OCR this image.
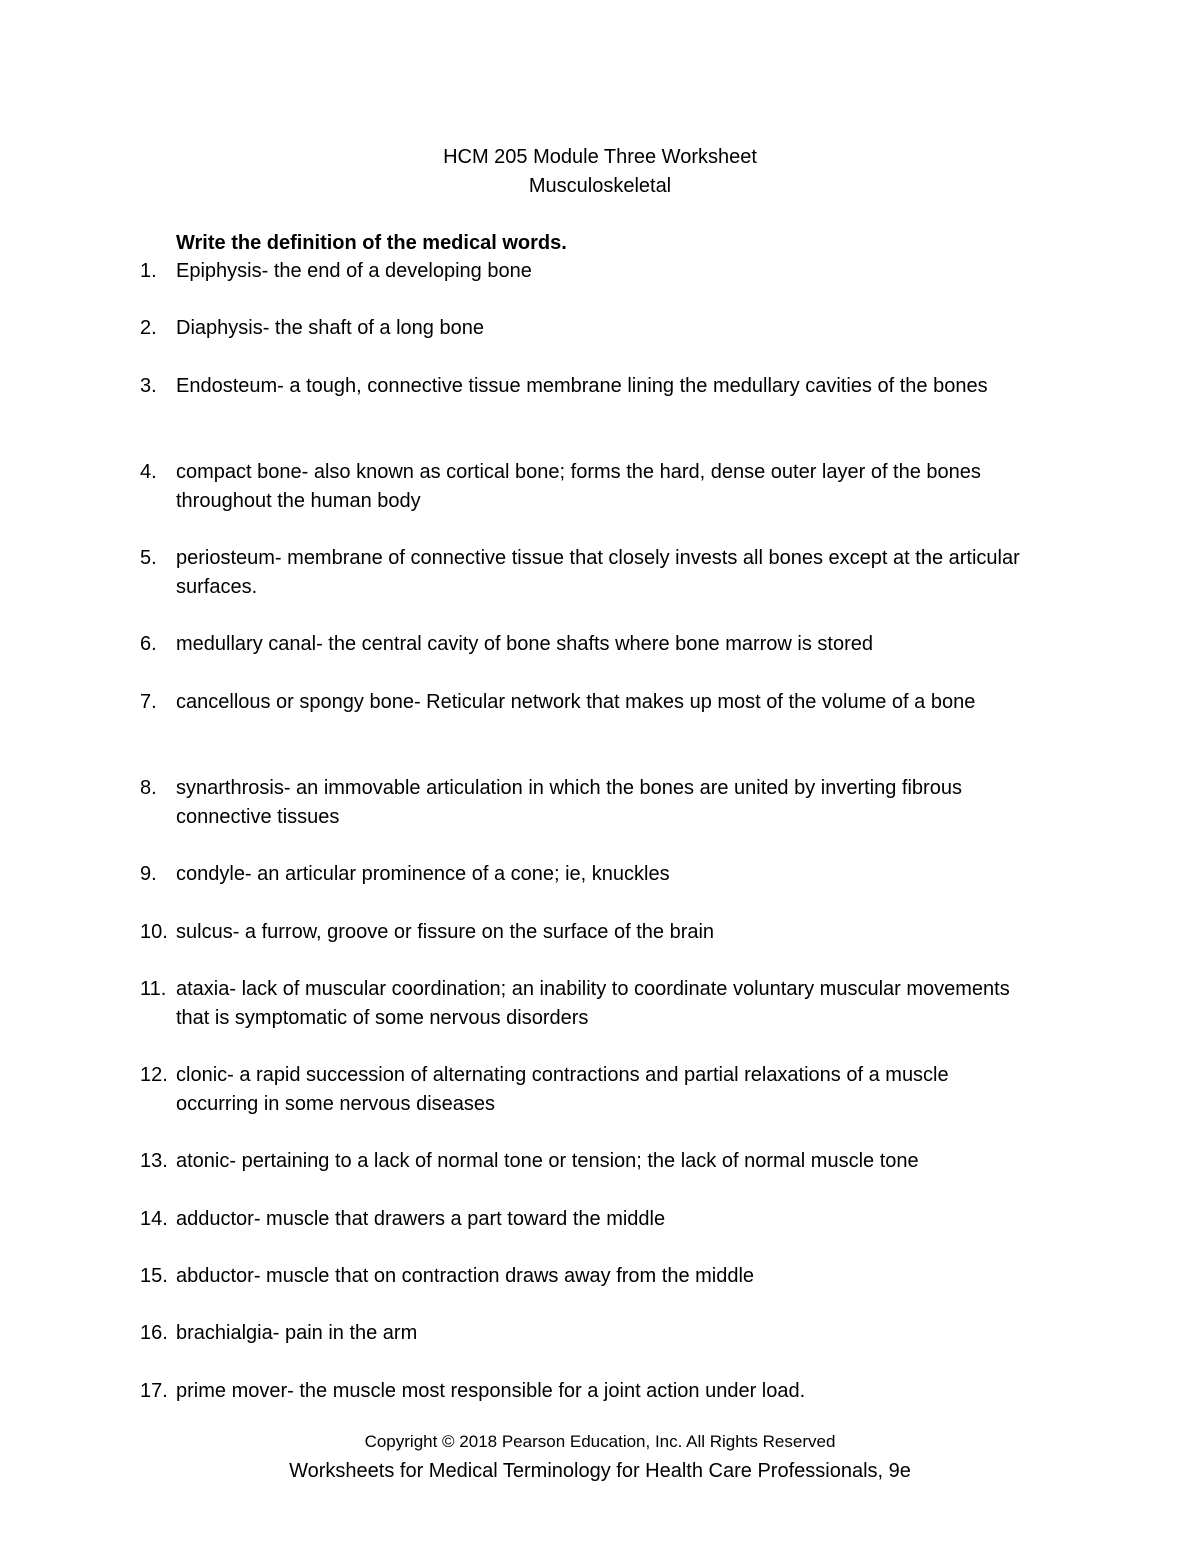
HCM 205 Module Three Worksheet
Musculoskeletal
Write the definition of the medical words.
1. Epiphysis- the end of a developing bone
2. Diaphysis- the shaft of a long bone
3. Endosteum- a tough, connective tissue membrane lining the medullary cavities of the bones
4. compact bone- also known as cortical bone; forms the hard, dense outer layer of the bones throughout the human body
5. periosteum- membrane of connective tissue that closely invests all bones except at the articular surfaces.
6. medullary canal- the central cavity of bone shafts where bone marrow is stored
7. cancellous or spongy bone- Reticular network that makes up most of the volume of a bone
8. synarthrosis- an immovable articulation in which the bones are united by inverting fibrous connective tissues
9. condyle- an articular prominence of a cone; ie, knuckles
10. sulcus- a furrow, groove or fissure on the surface of the brain
11. ataxia- lack of muscular coordination; an inability to coordinate voluntary muscular movements that is symptomatic of some nervous disorders
12. clonic- a rapid succession of alternating contractions and partial relaxations of a muscle occurring in some nervous diseases
13. atonic- pertaining to a lack of normal tone or tension; the lack of normal muscle tone
14. adductor- muscle that drawers a part toward the middle
15. abductor- muscle that on contraction draws away from the middle
16. brachialgia- pain in the arm
17. prime mover- the muscle most responsible for a joint action under load.
Copyright © 2018 Pearson Education, Inc. All Rights Reserved
Worksheets for Medical Terminology for Health Care Professionals, 9e
